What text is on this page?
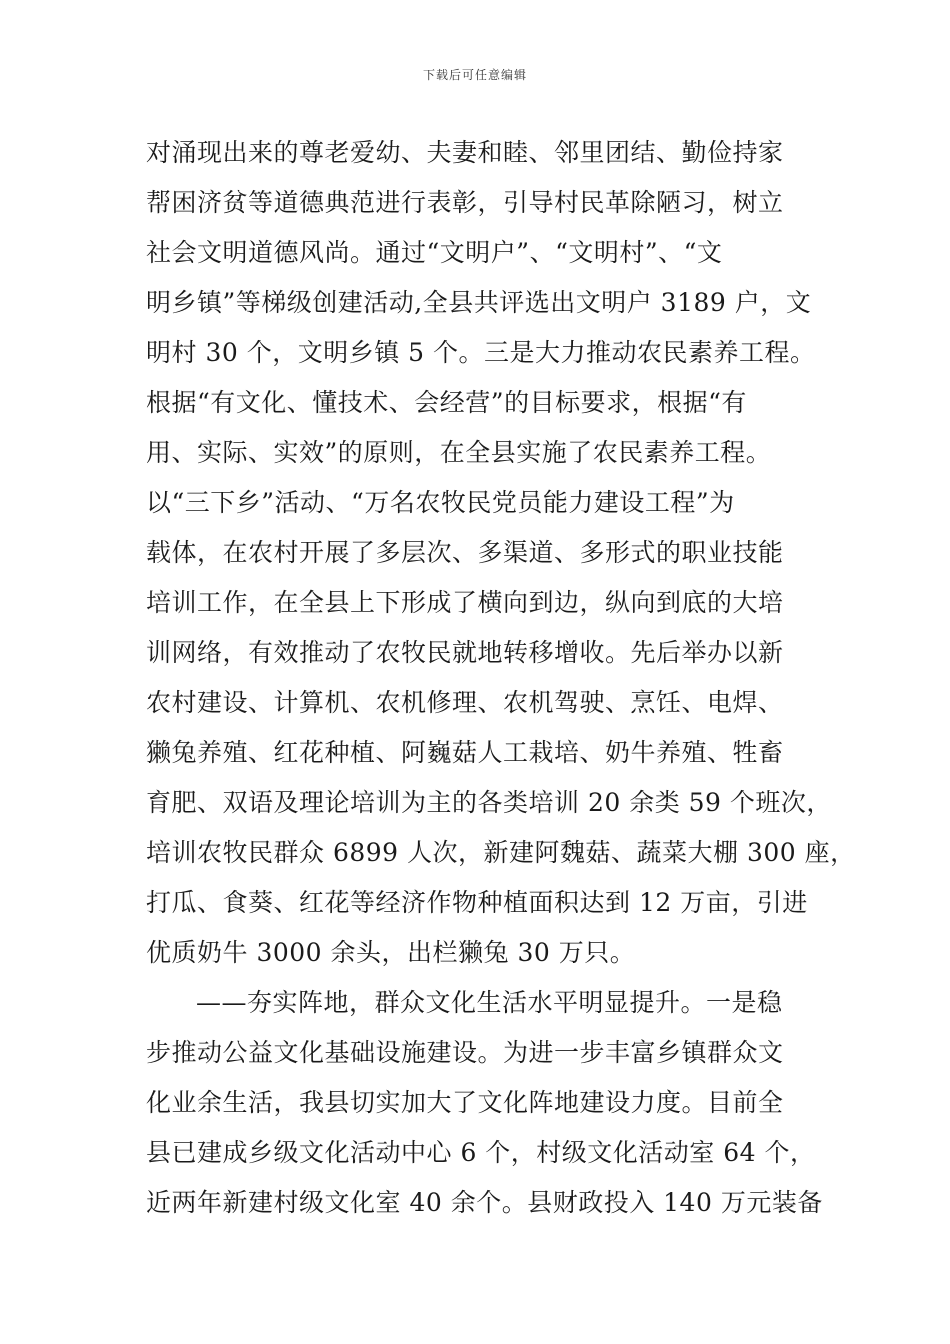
下载后可任意编辑
对涌现出来的尊老爱幼、夫妻和睦、邻里团结、勤俭持家
帮困济贫等道德典范进行表彰，引导村民革除陋习，树立
社会文明道德风尚。通过“文明户”、“文明村”、“文
明乡镇”等梯级创建活动,全县共评选出文明户 3189 户，文
明村 30 个，文明乡镇 5 个。三是大力推动农民素养工程。
根据“有文化、懂技术、会经营”的目标要求，根据“有
用、实际、实效”的原则，在全县实施了农民素养工程。
以“三下乡”活动、“万名农牧民党员能力建设工程”为
载体，在农村开展了多层次、多渠道、多形式的职业技能
培训工作，在全县上下形成了横向到边，纵向到底的大培
训网络，有效推动了农牧民就地转移增收。先后举办以新
农村建设、计算机、农机修理、农机驾驶、烹饪、电焊、
獭兔养殖、红花种植、阿巍菇人工栽培、奶牛养殖、牲畜
育肥、双语及理论培训为主的各类培训 20 余类 59 个班次，
培训农牧民群众 6899 人次，新建阿魏菇、蔬菜大棚 300 座，
打瓜、食葵、红花等经济作物种植面积达到 12 万亩，引进
优质奶牛 3000 余头，出栏獭兔 30 万只。
——夯实阵地，群众文化生活水平明显提升。一是稳
步推动公益文化基础设施建设。为进一步丰富乡镇群众文
化业余生活，我县切实加大了文化阵地建设力度。目前全
县已建成乡级文化活动中心 6 个，村级文化活动室 64 个，
近两年新建村级文化室 40 余个。县财政投入 140 万元装备
